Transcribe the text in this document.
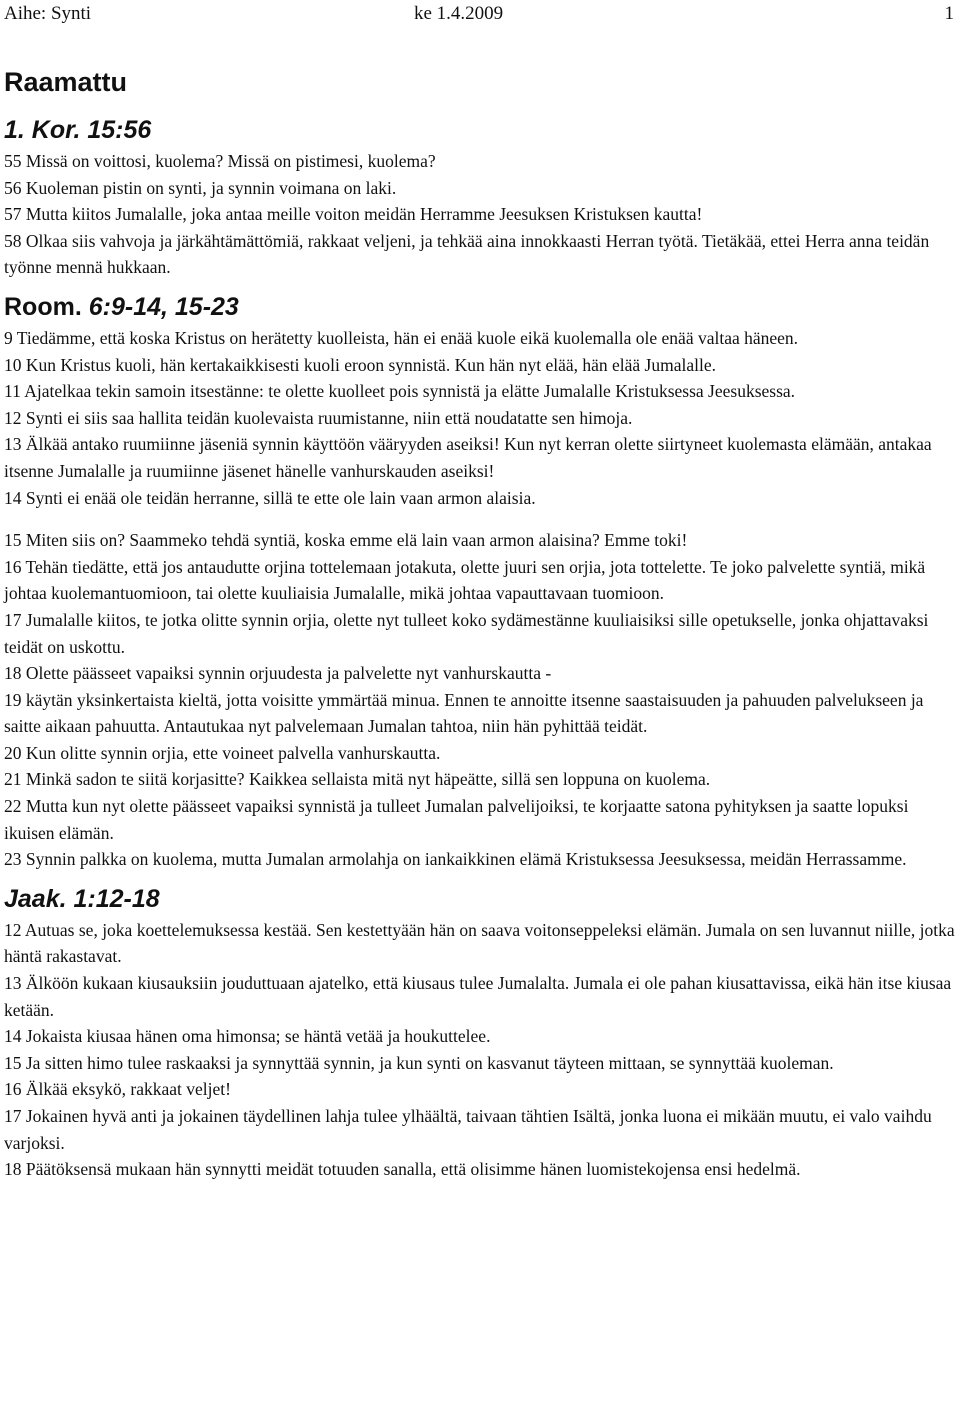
Aihe: Synti	ke 1.4.2009	1
Raamattu
1. Kor. 15:56

55 Missä on voittosi, kuolema? Missä on pistimesi, kuolema?

56 Kuoleman pistin on synti, ja synnin voimana on laki.

57 Mutta kiitos Jumalalle, joka antaa meille voiton meidän Herramme Jeesuksen Kristuksen kautta!

58 Olkaa siis vahvoja ja järkähtämättömiä, rakkaat veljeni, ja tehkää aina innokkaasti Herran työtä. Tietäkää, ettei Herra anna teidän työnne mennä hukkaan.

Room. 6:9-14, 15-23

9 Tiedämme, että koska Kristus on herätetty kuolleista, hän ei enää kuole eikä kuolemalla ole enää valtaa häneen.

10 Kun Kristus kuoli, hän kertakaikkisesti kuoli eroon synnistä. Kun hän nyt elää, hän elää Jumalalle.

11 Ajatelkaa tekin samoin itsestänne: te olette kuolleet pois synnistä ja elätte Jumalalle Kristuksessa Jeesuksessa.

12 Synti ei siis saa hallita teidän kuolevaista ruumistanne, niin että noudatatte sen himoja.

13 Älkää antako ruumiinne jäseniä synnin käyttöön vääryyden aseiksi! Kun nyt kerran olette siirtyneet kuolemasta elämään, antakaa itsenne Jumalalle ja ruumiinne jäsenet hänelle vanhurskauden aseiksi!

14 Synti ei enää ole teidän herranne, sillä te ette ole lain vaan armon alaisia.

15 Miten siis on? Saammeko tehdä syntiä, koska emme elä lain vaan armon alaisina? Emme toki!

16 Tehän tiedätte, että jos antaudutte orjina tottelemaan jotakuta, olette juuri sen orjia, jota tottelette. Te joko palvelette syntiä, mikä johtaa kuolemantuomioon, tai olette kuuliaisia Jumalalle, mikä johtaa vapauttavaan tuomioon.

17 Jumalalle kiitos, te jotka olitte synnin orjia, olette nyt tulleet koko sydämestänne kuuliaisiksi sille opetukselle, jonka ohjattavaksi teidät on uskottu.

18 Olette päässeet vapaiksi synnin orjuudesta ja palvelette nyt vanhurskautta -

19 käytän yksinkertaista kieltä, jotta voisitte ymmärtää minua. Ennen te annoitte itsenne saastaisuuden ja pahuuden palvelukseen ja saitte aikaan pahuutta. Antautukaa nyt palvelemaan Jumalan tahtoa, niin hän pyhittää teidät.

20 Kun olitte synnin orjia, ette voineet palvella vanhurskautta.

21 Minkä sadon te siitä korjasitte? Kaikkea sellaista mitä nyt häpeätte, sillä sen loppuna on kuolema.

22 Mutta kun nyt olette päässeet vapaiksi synnistä ja tulleet Jumalan palvelijoiksi, te korjaatte satona pyhityksen ja saatte lopuksi ikuisen elämän.

23 Synnin palkka on kuolema, mutta Jumalan armolahja on iankaikkinen elämä Kristuksessa Jeesuksessa, meidän Herrassamme.

Jaak. 1:12-18

12 Autuas se, joka koettelemuksessa kestää. Sen kestettyään hän on saava voitonseppeleksi elämän. Jumala on sen luvannut niille, jotka häntä rakastavat.

13 Älköön kukaan kiusauksiin jouduttuaan ajatelko, että kiusaus tulee Jumalalta. Jumala ei ole pahan kiusattavissa, eikä hän itse kiusaa ketään.

14 Jokaista kiusaa hänen oma himonsa; se häntä vetää ja houkuttelee.

15 Ja sitten himo tulee raskaaksi ja synnyttää synnin, ja kun synti on kasvanut täyteen mittaan, se synnyttää kuoleman.

16 Älkää eksykö, rakkaat veljet!

17 Jokainen hyvä anti ja jokainen täydellinen lahja tulee ylhäältä, taivaan tähtien Isältä, jonka luona ei mikään muutu, ei valo vaihdu varjoksi.

18 Päätöksensä mukaan hän synnytti meidät totuuden sanalla, että olisimme hänen luomistekojensa ensi hedelmä.
